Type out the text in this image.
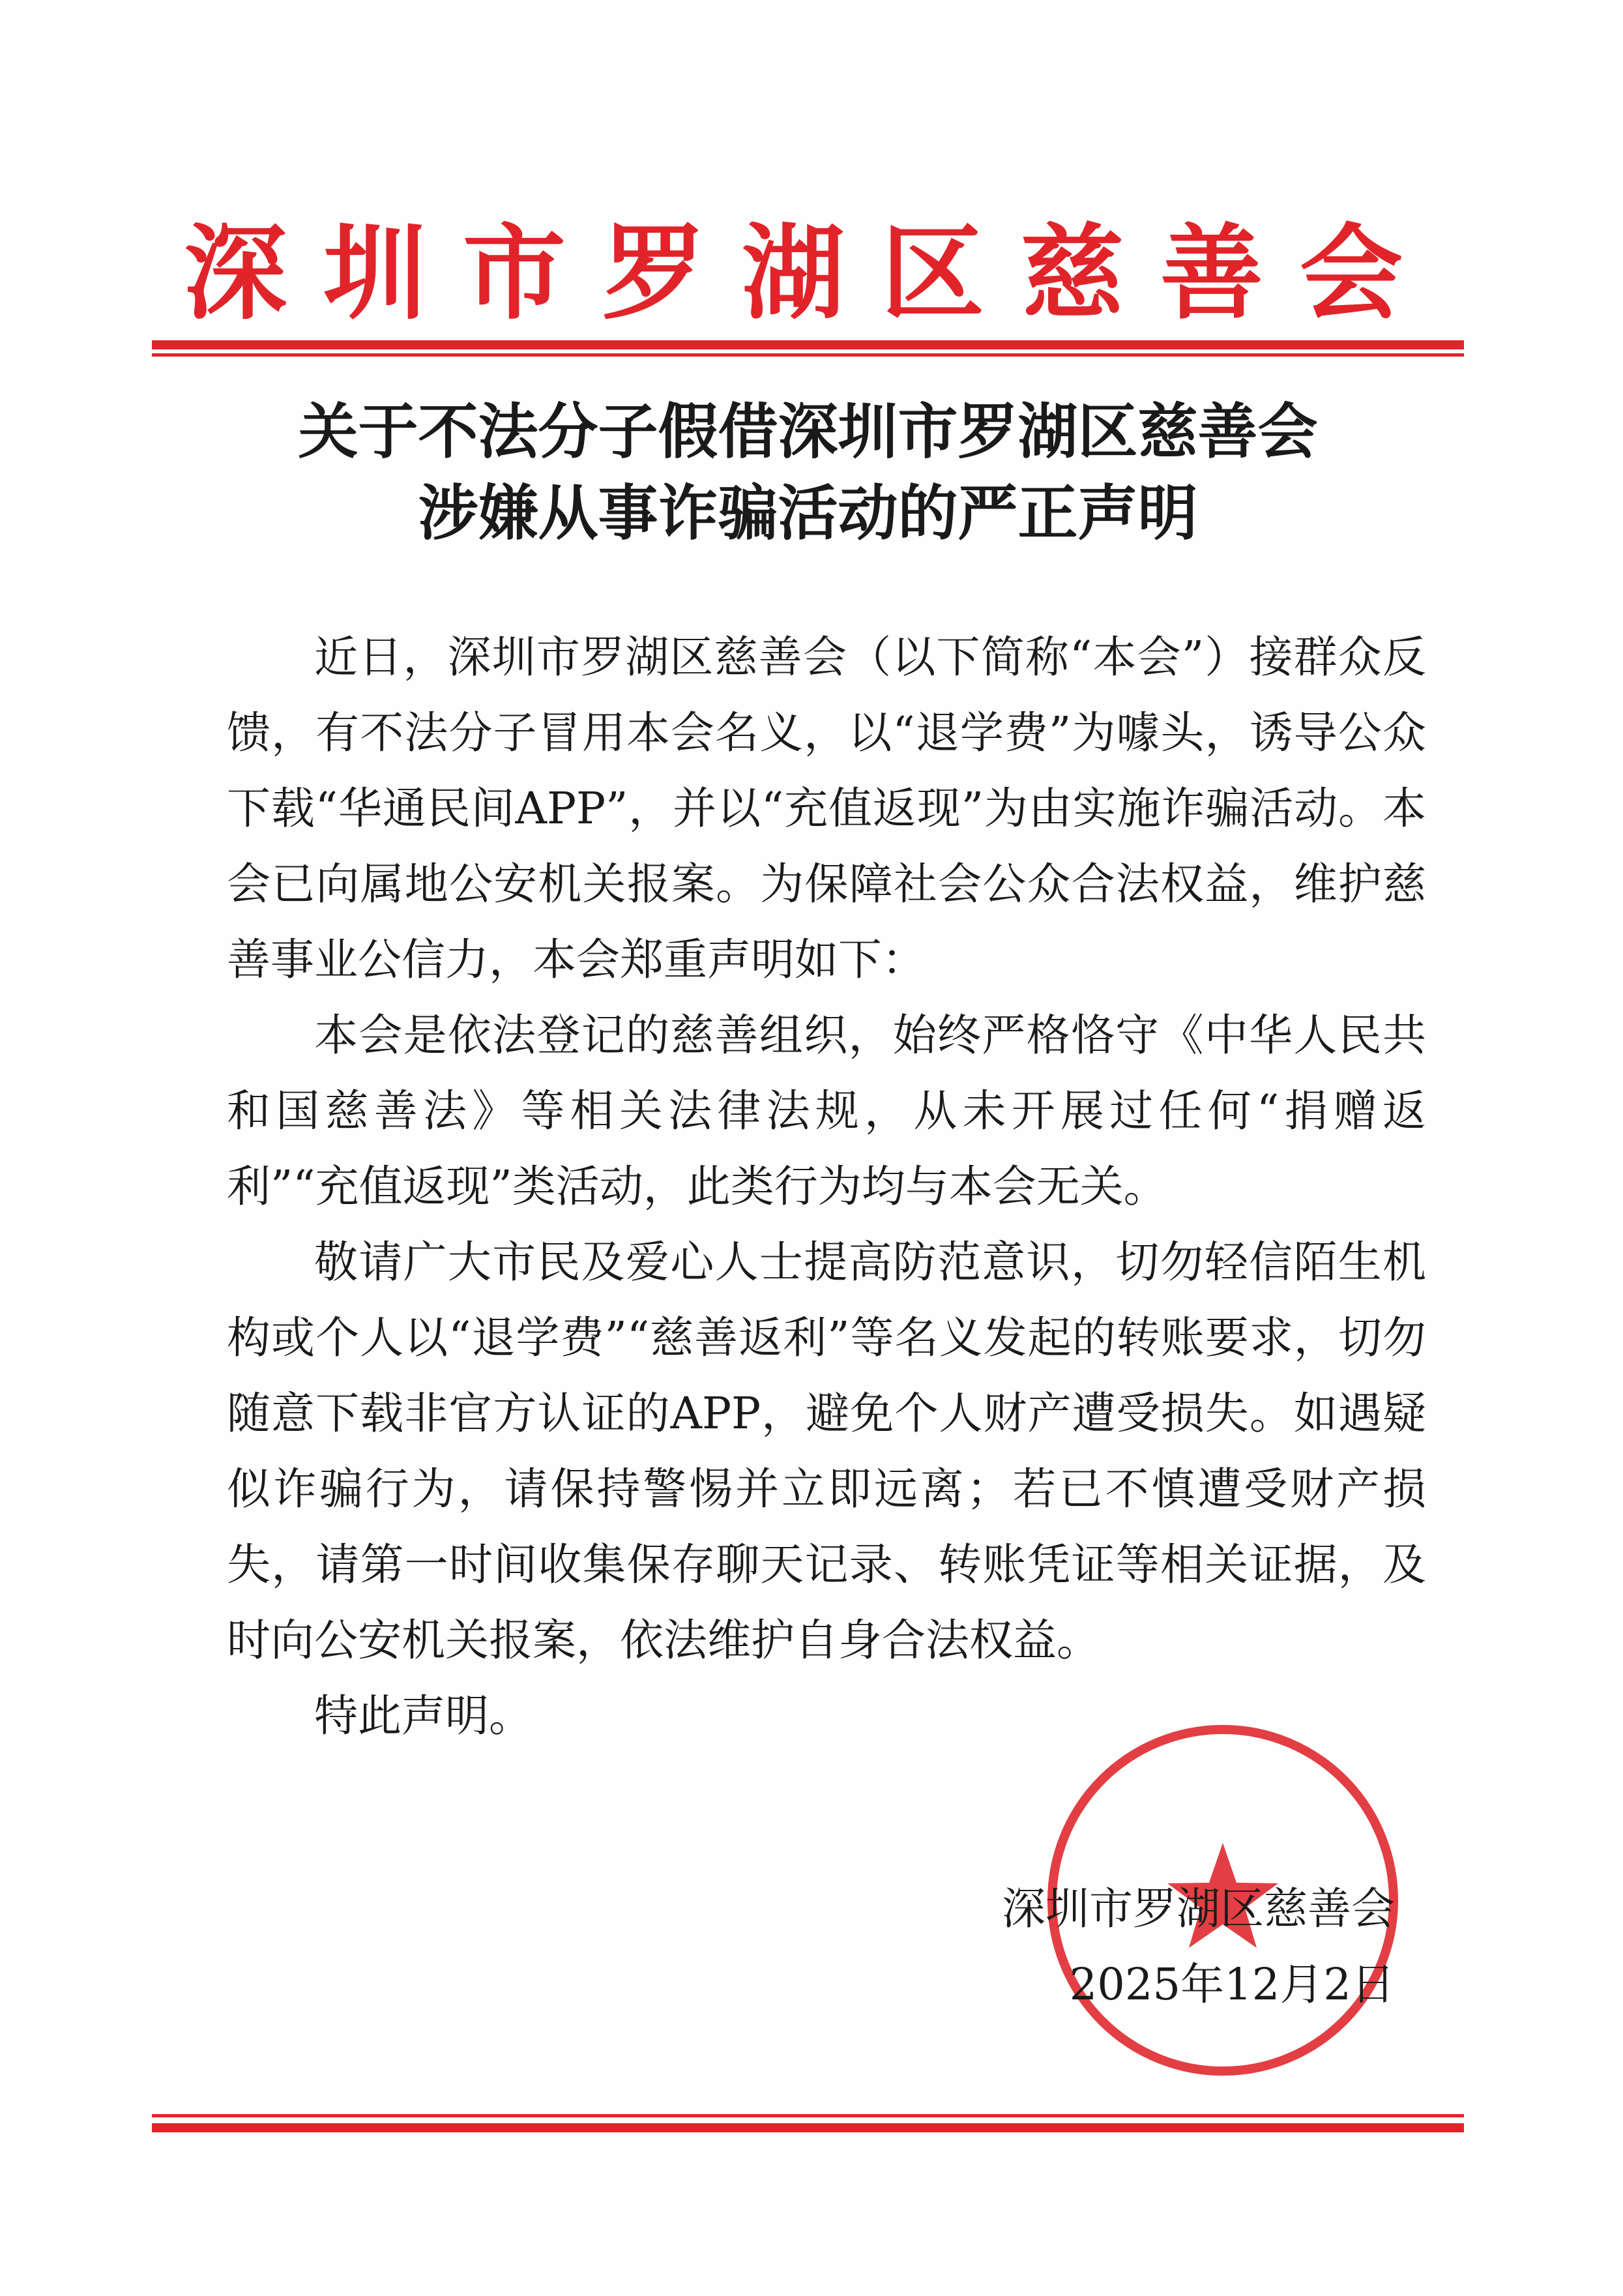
深圳市罗湖区慈善会
关于不法分子假借深圳市罗湖区慈善会
涉嫌从事诈骗活动的严正声明

近日，深圳市罗湖区慈善会（以下简称“本会”）接群众反馈，有不法分子冒用本会名义，以“退学费”为噱头，诱导公众下载“华通民间APP”，并以“充值返现”为由实施诈骗活动。本会已向属地公安机关报案。为保障社会公众合法权益，维护慈善事业公信力，本会郑重声明如下：

本会是依法登记的慈善组织，始终严格恪守《中华人民共和国慈善法》等相关法律法规，从未开展过任何“捐赠返利”“充值返现”类活动，此类行为均与本会无关。

敬请广大市民及爱心人士提高防范意识，切勿轻信陌生机构或个人以“退学费”“慈善返利”等名义发起的转账要求，切勿随意下载非官方认证的APP，避免个人财产遭受损失。如遇疑似诈骗行为，请保持警惕并立即远离；若已不慎遭受财产损失，请第一时间收集保存聊天记录、转账凭证等相关证据，及时向公安机关报案，依法维护自身合法权益。

特此声明。

深圳市罗湖区慈善会
2025年12月2日
